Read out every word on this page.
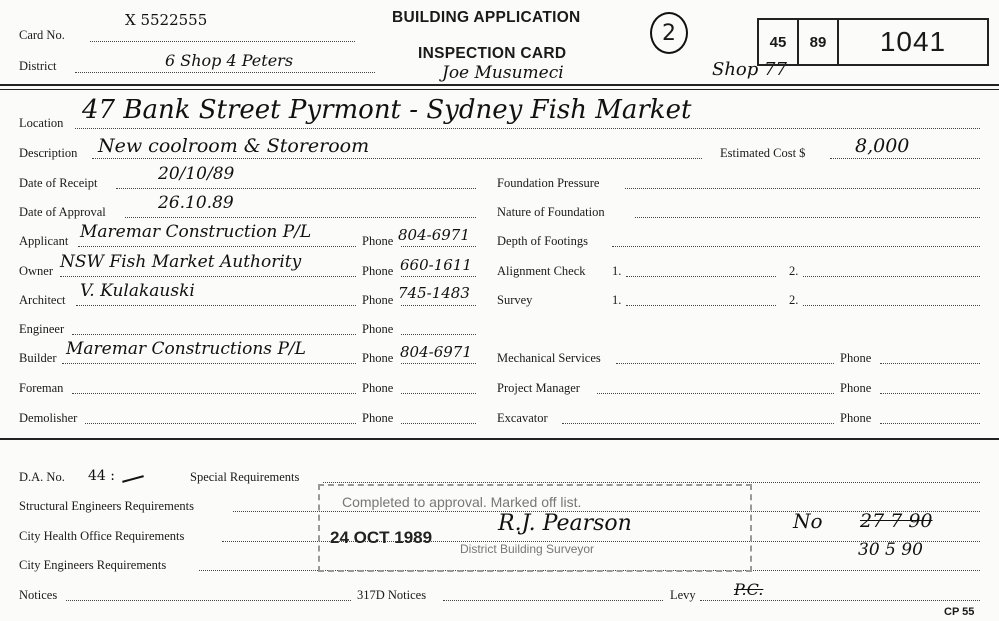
X 5522555
Card No.
District	6 Shop 4 Peters
BUILDING APPLICATION
INSPECTION CARD
2
Joe Musumeci	Shop 77
45	89	1041
Location 47 Bank Street Pyrmont - Sydney Fish Market
Description New coolroom & Storeroom	Estimated Cost $	8,000
Date of Receipt	20/10/89
Date of Approval	26.10.89
Applicant Maremar Construction P/L	Phone 804-6971
Owner NSW Fish Market Authority	Phone 660-1611
Architect V. Kulakauski	Phone 745-1483
Engineer	Phone
Builder Maremar Constructions P/L	Phone 804-6971
Foreman	Phone
Demolisher	Phone
Foundation Pressure
Nature of Foundation
Depth of Footings
Alignment Check 1.	2.
Survey	1.	2.
Mechanical Services	Phone
Project Manager	Phone
Excavator	Phone
D.A. No. 44 :	Special Requirements
Structural Engineers Requirements
City Health Office Requirements
City Engineers Requirements
Notices	317D Notices	Levy P.C.
Completed to approval. Marked off list.
24 OCT 1989
R.J. Pearson
District Building Surveyor
No 27 7 90
30 5 90
CP 55
